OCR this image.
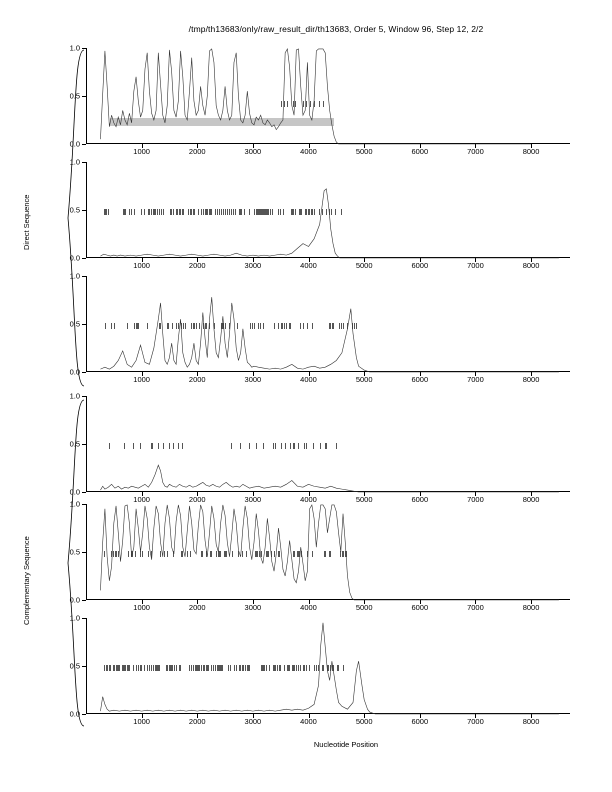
/tmp/th13683/only/raw_result_dir/th13683, Order 5, Window 96, Step 12, 2/2
Direct Sequence
Complementary Sequence
Nucleotide Position
0.0
0.5
1.0
1000	2000	3000	4000	5000	6000	7000	8000
0.0
0.5
1.0
1000	2000	3000	4000	5000	6000	7000	8000
0.0
0.5
1.0
1000	2000	3000	4000	5000	6000	7000	8000
0.0
0.5
1.0
1000	2000	3000	4000	5000	6000	7000	8000
0.0
0.5
1.0
1000	2000	3000	4000	5000	6000	7000	8000
0.0
0.5
1.0
1000	2000	3000	4000	5000	6000	7000	8000
